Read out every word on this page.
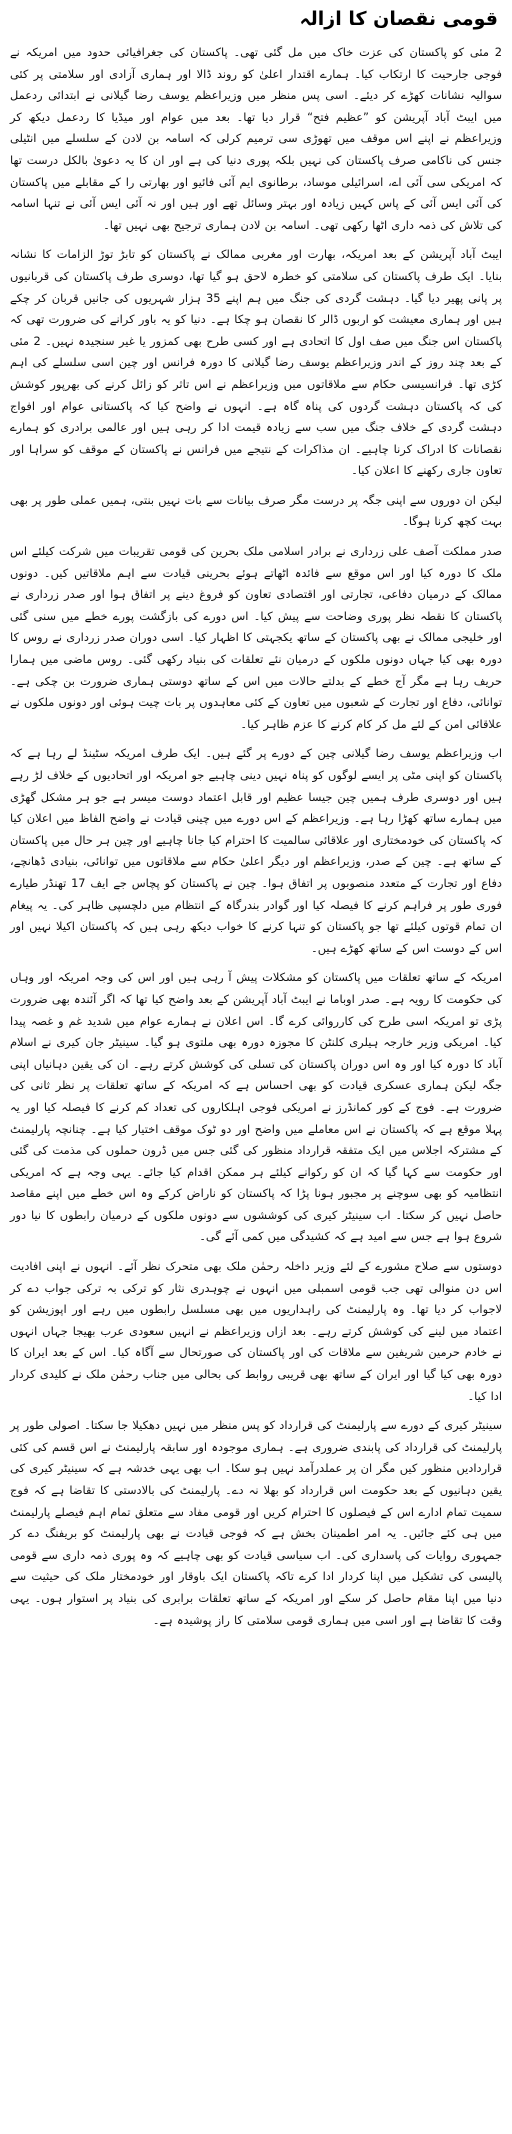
قومی نقصان کا ازالہ

2 مئی کو پاکستان کی عزت خاک میں مل گئی تھی۔ پاکستان کی جغرافیائی حدود میں امریکہ نے فوجی جارحیت کا ارتکاب کیا۔ ہمارے اقتدار اعلیٰ کو روند ڈالا اور ہماری آزادی اور سلامتی پر کئی سوالیہ نشانات کھڑے کر دیئے۔ اسی پس منظر میں وزیراعظم یوسف رضا گیلانی نے ابتدائی ردعمل میں ایبٹ آباد آپریشن کو ”عظیم فتح“ قرار دیا تھا۔ بعد میں عوام اور میڈیا کا ردعمل دیکھ کر وزیراعظم نے اپنے اس موقف میں تھوڑی سی ترمیم کرلی کہ اسامہ بن لادن کے سلسلے میں انٹیلی جنس کی ناکامی صرف پاکستان کی نہیں بلکہ پوری دنیا کی ہے اور ان کا یہ دعویٰ بالکل درست تھا کہ امریکی سی آئی اے، اسرائیلی موساد، برطانوی ایم آئی فائیو اور بھارتی را کے مقابلے میں پاکستان کی آئی ایس آئی کے پاس کہیں زیادہ اور بہتر وسائل تھے اور ہیں اور نہ آئی ایس آئی نے تنہا اسامہ کی تلاش کی ذمہ داری اٹھا رکھی تھی۔ اسامہ بن لادن ہماری ترجیح بھی نہیں تھا۔

ایبٹ آباد آپریشن کے بعد امریکہ، بھارت اور مغربی ممالک نے پاکستان کو تابڑ توڑ الزامات کا نشانہ بنایا۔ ایک طرف پاکستان کی سلامتی کو خطرہ لاحق ہو گیا تھا، دوسری طرف پاکستان کی قربانیوں پر پانی پھیر دیا گیا۔ دہشت گردی کی جنگ میں ہم اپنے 35 ہزار شہریوں کی جانیں قربان کر چکے ہیں اور ہماری معیشت کو اربوں ڈالر کا نقصان ہو چکا ہے۔ دنیا کو یہ باور کرانے کی ضرورت تھی کہ پاکستان اس جنگ میں صف اول کا اتحادی ہے اور کسی طرح بھی کمزور یا غیر سنجیدہ نہیں۔ 2 مئی کے بعد چند روز کے اندر وزیراعظم یوسف رضا گیلانی کا دورہ فرانس اور چین اسی سلسلے کی اہم کڑی تھا۔ فرانسیسی حکام سے ملاقاتوں میں وزیراعظم نے اس تاثر کو زائل کرنے کی بھرپور کوشش کی کہ پاکستان دہشت گردوں کی پناہ گاہ ہے۔ انہوں نے واضح کیا کہ پاکستانی عوام اور افواج دہشت گردی کے خلاف جنگ میں سب سے زیادہ قیمت ادا کر رہی ہیں اور عالمی برادری کو ہمارے نقصانات کا ادراک کرنا چاہیے۔ ان مذاکرات کے نتیجے میں فرانس نے پاکستان کے موقف کو سراہا اور تعاون جاری رکھنے کا اعلان کیا۔

لیکن ان دوروں سے اپنی جگہ پر درست مگر صرف بیانات سے بات نہیں بنتی، ہمیں عملی طور پر بھی بہت کچھ کرنا ہوگا۔

صدر مملکت آصف علی زرداری نے برادر اسلامی ملک بحرین کی قومی تقریبات میں شرکت کیلئے اس ملک کا دورہ کیا اور اس موقع سے فائدہ اٹھاتے ہوئے بحرینی قیادت سے اہم ملاقاتیں کیں۔ دونوں ممالک کے درمیان دفاعی، تجارتی اور اقتصادی تعاون کو فروغ دینے پر اتفاق ہوا اور صدر زرداری نے پاکستان کا نقطہ نظر پوری وضاحت سے پیش کیا۔ اس دورے کی بازگشت پورے خطے میں سنی گئی اور خلیجی ممالک نے بھی پاکستان کے ساتھ یکجہتی کا اظہار کیا۔ اسی دوران صدر زرداری نے روس کا دورہ بھی کیا جہاں دونوں ملکوں کے درمیان نئے تعلقات کی بنیاد رکھی گئی۔ روس ماضی میں ہمارا حریف رہا ہے مگر آج خطے کے بدلتے حالات میں اس کے ساتھ دوستی ہماری ضرورت بن چکی ہے۔ توانائی، دفاع اور تجارت کے شعبوں میں تعاون کے کئی معاہدوں پر بات چیت ہوئی اور دونوں ملکوں نے علاقائی امن کے لئے مل کر کام کرنے کا عزم ظاہر کیا۔

اب وزیراعظم یوسف رضا گیلانی چین کے دورے پر گئے ہیں۔ ایک طرف امریکہ سٹینڈ لے رہا ہے کہ پاکستان کو اپنی مٹی پر ایسے لوگوں کو پناہ نہیں دینی چاہیے جو امریکہ اور اتحادیوں کے خلاف لڑ رہے ہیں اور دوسری طرف ہمیں چین جیسا عظیم اور قابل اعتماد دوست میسر ہے جو ہر مشکل گھڑی میں ہمارے ساتھ کھڑا رہا ہے۔ وزیراعظم کے اس دورے میں چینی قیادت نے واضح الفاظ میں اعلان کیا کہ پاکستان کی خودمختاری اور علاقائی سالمیت کا احترام کیا جانا چاہیے اور چین ہر حال میں پاکستان کے ساتھ ہے۔ چین کے صدر، وزیراعظم اور دیگر اعلیٰ حکام سے ملاقاتوں میں توانائی، بنیادی ڈھانچے، دفاع اور تجارت کے متعدد منصوبوں پر اتفاق ہوا۔ چین نے پاکستان کو پچاس جے ایف 17 تھنڈر طیارے فوری طور پر فراہم کرنے کا فیصلہ کیا اور گوادر بندرگاہ کے انتظام میں دلچسپی ظاہر کی۔ یہ پیغام ان تمام قوتوں کیلئے تھا جو پاکستان کو تنہا کرنے کا خواب دیکھ رہی ہیں کہ پاکستان اکیلا نہیں اور اس کے دوست اس کے ساتھ کھڑے ہیں۔

امریکہ کے ساتھ تعلقات میں پاکستان کو مشکلات پیش آ رہی ہیں اور اس کی وجہ امریکہ اور وہاں کی حکومت کا رویہ ہے۔ صدر اوباما نے ایبٹ آباد آپریشن کے بعد واضح کیا تھا کہ اگر آئندہ بھی ضرورت پڑی تو امریکہ اسی طرح کی کارروائی کرے گا۔ اس اعلان نے ہمارے عوام میں شدید غم و غصہ پیدا کیا۔ امریکی وزیر خارجہ ہیلری کلنٹن کا مجوزہ دورہ بھی ملتوی ہو گیا۔ سینیٹر جان کیری نے اسلام آباد کا دورہ کیا اور وہ اس دوران پاکستان کی تسلی کی کوشش کرتے رہے۔ ان کی یقین دہانیاں اپنی جگہ لیکن ہماری عسکری قیادت کو بھی احساس ہے کہ امریکہ کے ساتھ تعلقات پر نظر ثانی کی ضرورت ہے۔ فوج کے کور کمانڈرز نے امریکی فوجی اہلکاروں کی تعداد کم کرنے کا فیصلہ کیا اور یہ پہلا موقع ہے کہ پاکستان نے اس معاملے میں واضح اور دو ٹوک موقف اختیار کیا ہے۔ چنانچہ پارلیمنٹ کے مشترکہ اجلاس میں ایک متفقہ قرارداد منظور کی گئی جس میں ڈرون حملوں کی مذمت کی گئی اور حکومت سے کہا گیا کہ ان کو رکوانے کیلئے ہر ممکن اقدام کیا جائے۔ یہی وجہ ہے کہ امریکی انتظامیہ کو بھی سوچنے پر مجبور ہونا پڑا کہ پاکستان کو ناراض کرکے وہ اس خطے میں اپنے مقاصد حاصل نہیں کر سکتا۔ اب سینیٹر کیری کی کوششوں سے دونوں ملکوں کے درمیان رابطوں کا نیا دور شروع ہوا ہے جس سے امید ہے کہ کشیدگی میں کمی آئے گی۔

دوستوں سے صلاح مشورے کے لئے وزیر داخلہ رحمٰن ملک بھی متحرک نظر آئے۔ انہوں نے اپنی افادیت اس دن منوالی تھی جب قومی اسمبلی میں انہوں نے چوہدری نثار کو ترکی بہ ترکی جواب دے کر لاجواب کر دیا تھا۔ وہ پارلیمنٹ کی راہداریوں میں بھی مسلسل رابطوں میں رہے اور اپوزیشن کو اعتماد میں لینے کی کوشش کرتے رہے۔ بعد ازاں وزیراعظم نے انہیں سعودی عرب بھیجا جہاں انہوں نے خادم حرمین شریفین سے ملاقات کی اور پاکستان کی صورتحال سے آگاہ کیا۔ اس کے بعد ایران کا دورہ بھی کیا گیا اور ایران کے ساتھ بھی قریبی روابط کی بحالی میں جناب رحمٰن ملک نے کلیدی کردار ادا کیا۔

سینیٹر کیری کے دورے سے پارلیمنٹ کی قرارداد کو پس منظر میں نہیں دھکیلا جا سکتا۔ اصولی طور پر پارلیمنٹ کی قرارداد کی پابندی ضروری ہے۔ ہماری موجودہ اور سابقہ پارلیمنٹ نے اس قسم کی کئی قراردادیں منظور کیں مگر ان پر عملدرآمد نہیں ہو سکا۔ اب بھی یہی خدشہ ہے کہ سینیٹر کیری کی یقین دہانیوں کے بعد حکومت اس قرارداد کو بھلا نہ دے۔ پارلیمنٹ کی بالادستی کا تقاضا ہے کہ فوج سمیت تمام ادارے اس کے فیصلوں کا احترام کریں اور قومی مفاد سے متعلق تمام اہم فیصلے پارلیمنٹ میں ہی کئے جائیں۔ یہ امر اطمینان بخش ہے کہ فوجی قیادت نے بھی پارلیمنٹ کو بریفنگ دے کر جمہوری روایات کی پاسداری کی۔ اب سیاسی قیادت کو بھی چاہیے کہ وہ پوری ذمہ داری سے قومی پالیسی کی تشکیل میں اپنا کردار ادا کرے تاکہ پاکستان ایک باوقار اور خودمختار ملک کی حیثیت سے دنیا میں اپنا مقام حاصل کر سکے اور امریکہ کے ساتھ تعلقات برابری کی بنیاد پر استوار ہوں۔ یہی وقت کا تقاضا ہے اور اسی میں ہماری قومی سلامتی کا راز پوشیدہ ہے۔
